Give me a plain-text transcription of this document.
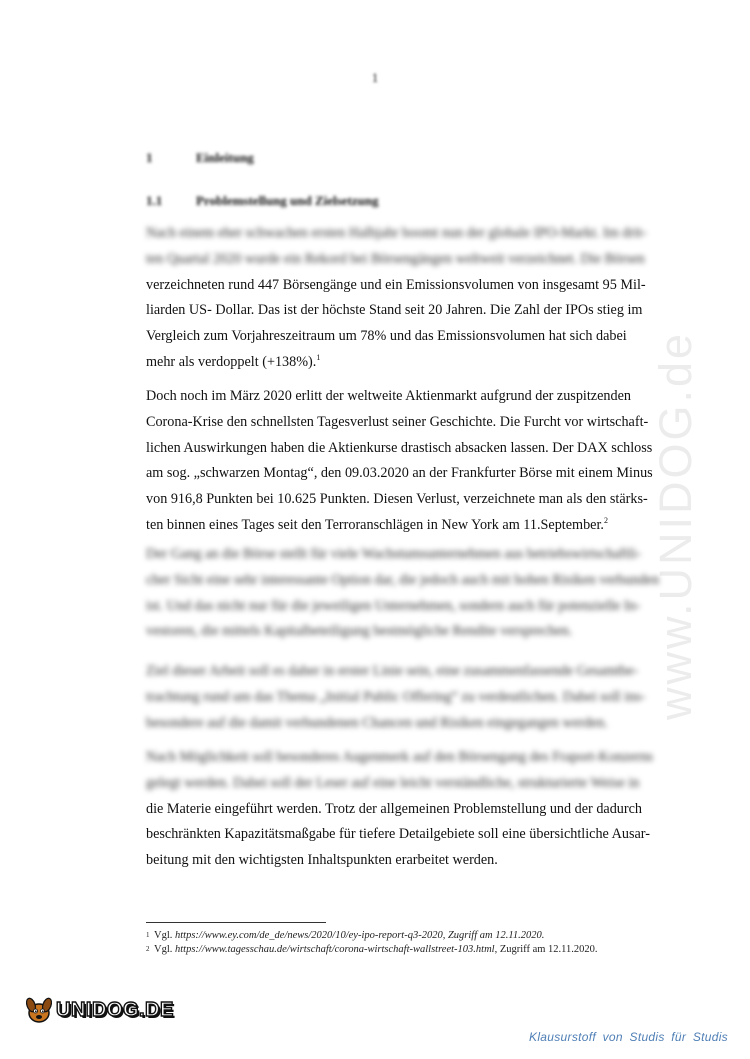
1
1	Einleitung
1.1	Problemstellung und Zielsetzung
www.UNIDOG.de
Nach einem eher schwachen ersten Halbjahr boomt nun der globale IPO-Markt. Im drit-
ten Quartal 2020 wurde ein Rekord bei Börsengängen weltweit verzeichnet. Die Börsen
verzeichneten rund 447 Börsengänge und ein Emissionsvolumen von insgesamt 95 Mil-
liarden US- Dollar. Das ist der höchste Stand seit 20 Jahren. Die Zahl der IPOs stieg im
Vergleich zum Vorjahreszeitraum um 78% und das Emissionsvolumen hat sich dabei
mehr als verdoppelt (+138%).$^1$
Doch noch im März 2020 erlitt der weltweite Aktienmarkt aufgrund der zuspitzenden
Corona-Krise den schnellsten Tagesverlust seiner Geschichte. Die Furcht vor wirtschaft-
lichen Auswirkungen haben die Aktienkurse drastisch absacken lassen. Der DAX schloss
am sog. „schwarzen Montag“, den 09.03.2020 an der Frankfurter Börse mit einem Minus
von 916,8 Punkten bei 10.625 Punkten. Diesen Verlust, verzeichnete man als den stärks-
ten binnen eines Tages seit den Terroranschlägen in New York am 11.September.$^2$
Der Gang an die Börse stellt für viele Wachstumsunternehmen aus betriebswirtschaftli-
cher Sicht eine sehr interessante Option dar, die jedoch auch mit hohen Risiken verbunden
ist. Und das nicht nur für die jeweiligen Unternehmen, sondern auch für potenzielle In-
vestoren, die mittels Kapitalbeteiligung bestmögliche Rendite versprechen.
Ziel dieser Arbeit soll es daher in erster Linie sein, eine zusammenfassende Gesamtbe-
trachtung rund um das Thema „Initial Public Offering“ zu verdeutlichen. Dabei soll ins-
besondere auf die damit verbundenen Chancen und Risiken eingegangen werden.
Nach Möglichkeit soll besonderes Augenmerk auf den Börsengang des Fraport-Konzerns
gelegt werden. Dabei soll der Leser auf eine leicht verständliche, strukturierte Weise in
die Materie eingeführt werden. Trotz der allgemeinen Problemstellung und der dadurch
beschränkten Kapazitätsmaßgabe für tiefere Detailgebiete soll eine übersichtliche Ausar-
beitung mit den wichtigsten Inhaltspunkten erarbeitet werden.
1 Vgl. https://www.ey.com/de_de/news/2020/10/ey-ipo-report-q3-2020, Zugriff am 12.11.2020.
2 Vgl. https://www.tagesschau.de/wirtschaft/corona-wirtschaft-wallstreet-103.html, Zugriff am 12.11.2020.
UNIDOG.DE
Klausurstoff von Studis für Studis
